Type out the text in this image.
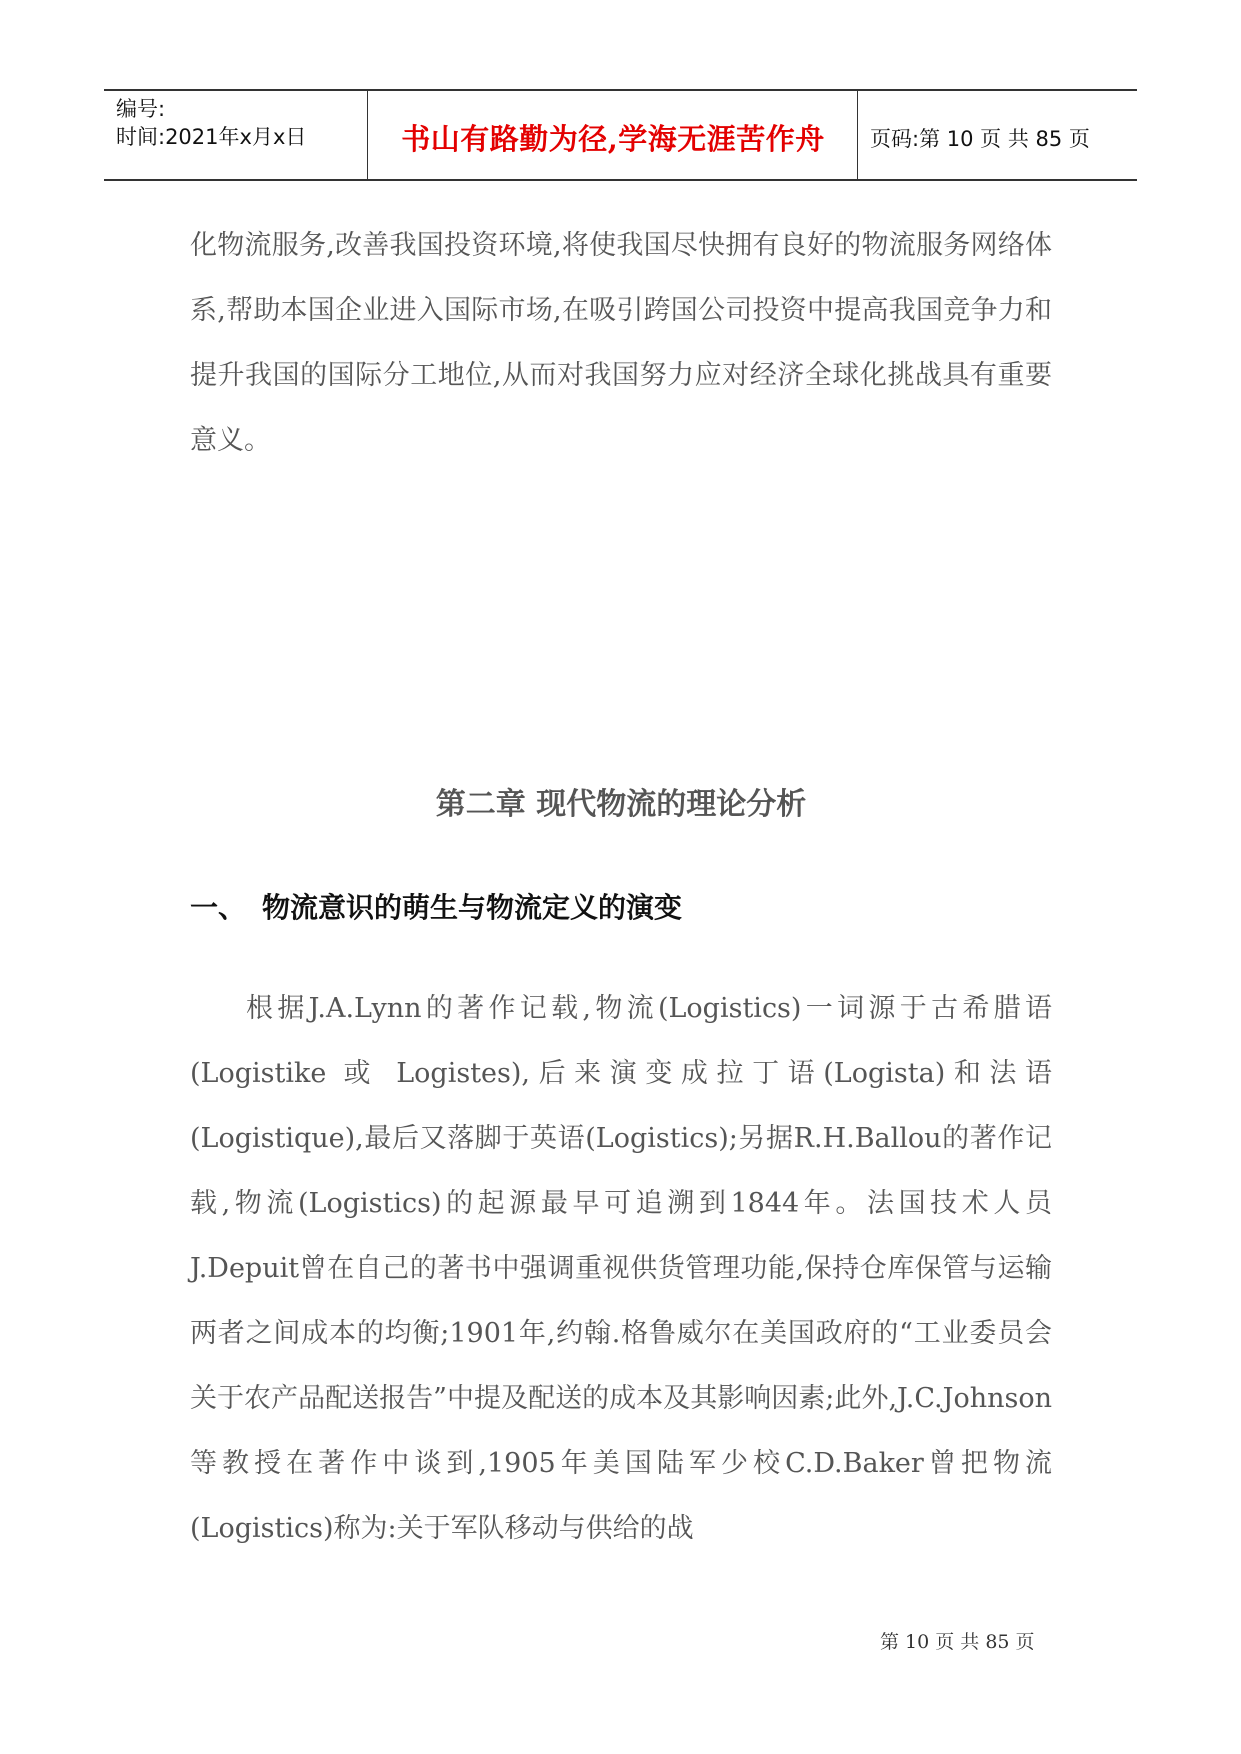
编号:
时间:2021年x月x日	书山有路勤为径,学海无涯苦作舟	页码:第 10 页 共 85 页

化物流服务,改善我国投资环境,将使我国尽快拥有良好的物流服务网络体系,帮助本国企业进入国际市场,在吸引跨国公司投资中提高我国竞争力和提升我国的国际分工地位,从而对我国努力应对经济全球化挑战具有重要意义。

第二章 现代物流的理论分析
一、 物流意识的萌生与物流定义的演变

根据J.A.Lynn的著作记载,物流(Logistics)一词源于古希腊语(Logistike 或 Logistes),后来演变成拉丁语(Logista)和法语(Logistique),最后又落脚于英语(Logistics);另据R.H.Ballou的著作记载,物流(Logistics)的起源最早可追溯到1844年。法国技术人员 J.Depuit曾在自己的著书中强调重视供货管理功能,保持仓库保管与运输两者之间成本的均衡;1901年,约翰.格鲁威尔在美国政府的“工业委员会关于农产品配送报告”中提及配送的成本及其影响因素;此外,J.C.Johnson等教授在著作中谈到,1905年美国陆军少校C.D.Baker曾把物流(Logistics)称为:关于军队移动与供给的战

第 10 页 共 85 页
